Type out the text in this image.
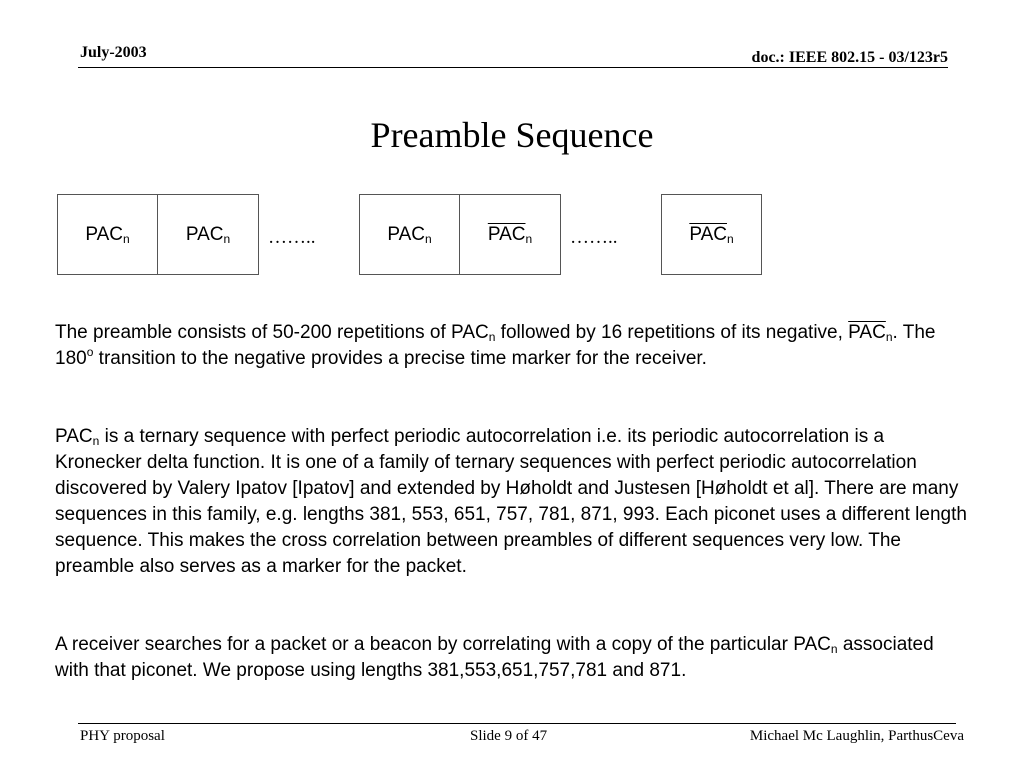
July-2003	doc.: IEEE 802.15 - 03/123r5
Preamble Sequence
$PAC_n$	$PAC_n$ ……..	$PAC_n$	$\overline{PAC}_n$ ……..	$\overline{PAC}_n$

The preamble consists of 50-200 repetitions of $PAC_n$ followed by 16 repetitions of its negative, $\overline{PAC}_n$. The 180$^o$ transition to the negative provides a precise time marker for the receiver.

$PAC_n$ is a ternary sequence with perfect periodic autocorrelation i.e. its periodic autocorrelation is a Kronecker delta function. It is one of a family of ternary sequences with perfect periodic autocorrelation discovered by Valery Ipatov [Ipatov] and extended by Høholdt and Justesen [Høholdt et al]. There are many sequences in this family, e.g. lengths 381, 553, 651, 757, 781, 871, 993. Each piconet uses a different length sequence. This makes the cross correlation between preambles of different sequences very low. The preamble also serves as a marker for the packet.

A receiver searches for a packet or a beacon by correlating with a copy of the particular $PAC_n$ associated with that piconet. We propose using lengths 381,553,651,757,781 and 871.

PHY proposal	Slide 9 of 47	Michael Mc Laughlin, ParthusCeva
